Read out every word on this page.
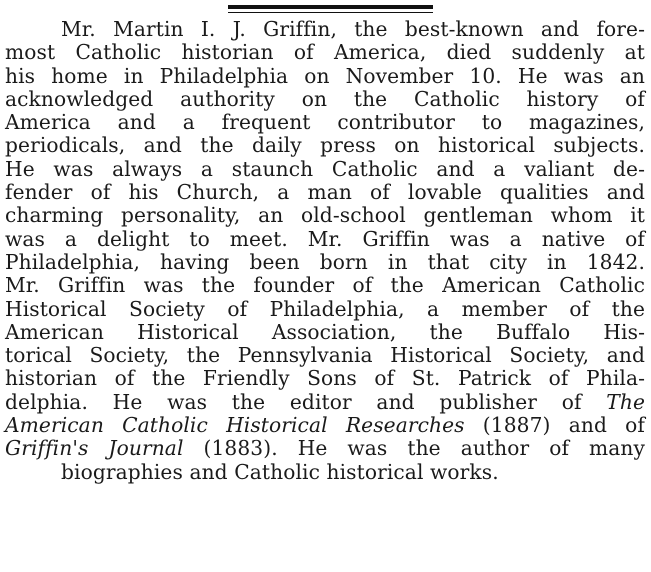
Mr. Martin I. J. Griffin, the best-known and fore-
most Catholic historian of America, died suddenly at
his home in Philadelphia on November 10. He was an
acknowledged authority on the Catholic history of
America and a frequent contributor to magazines,
periodicals, and the daily press on historical subjects.
He was always a staunch Catholic and a valiant de-
fender of his Church, a man of lovable qualities and
charming personality, an old-school gentleman whom it
was a delight to meet. Mr. Griffin was a native of
Philadelphia, having been born in that city in 1842.
Mr. Griffin was the founder of the American Catholic
Historical Society of Philadelphia, a member of the
American Historical Association, the Buffalo His-
torical Society, the Pennsylvania Historical Society, and
historian of the Friendly Sons of St. Patrick of Phila-
delphia. He was the editor and publisher of The
American Catholic Historical Researches (1887) and of
Griffin's Journal (1883). He was the author of many
biographies and Catholic historical works.
